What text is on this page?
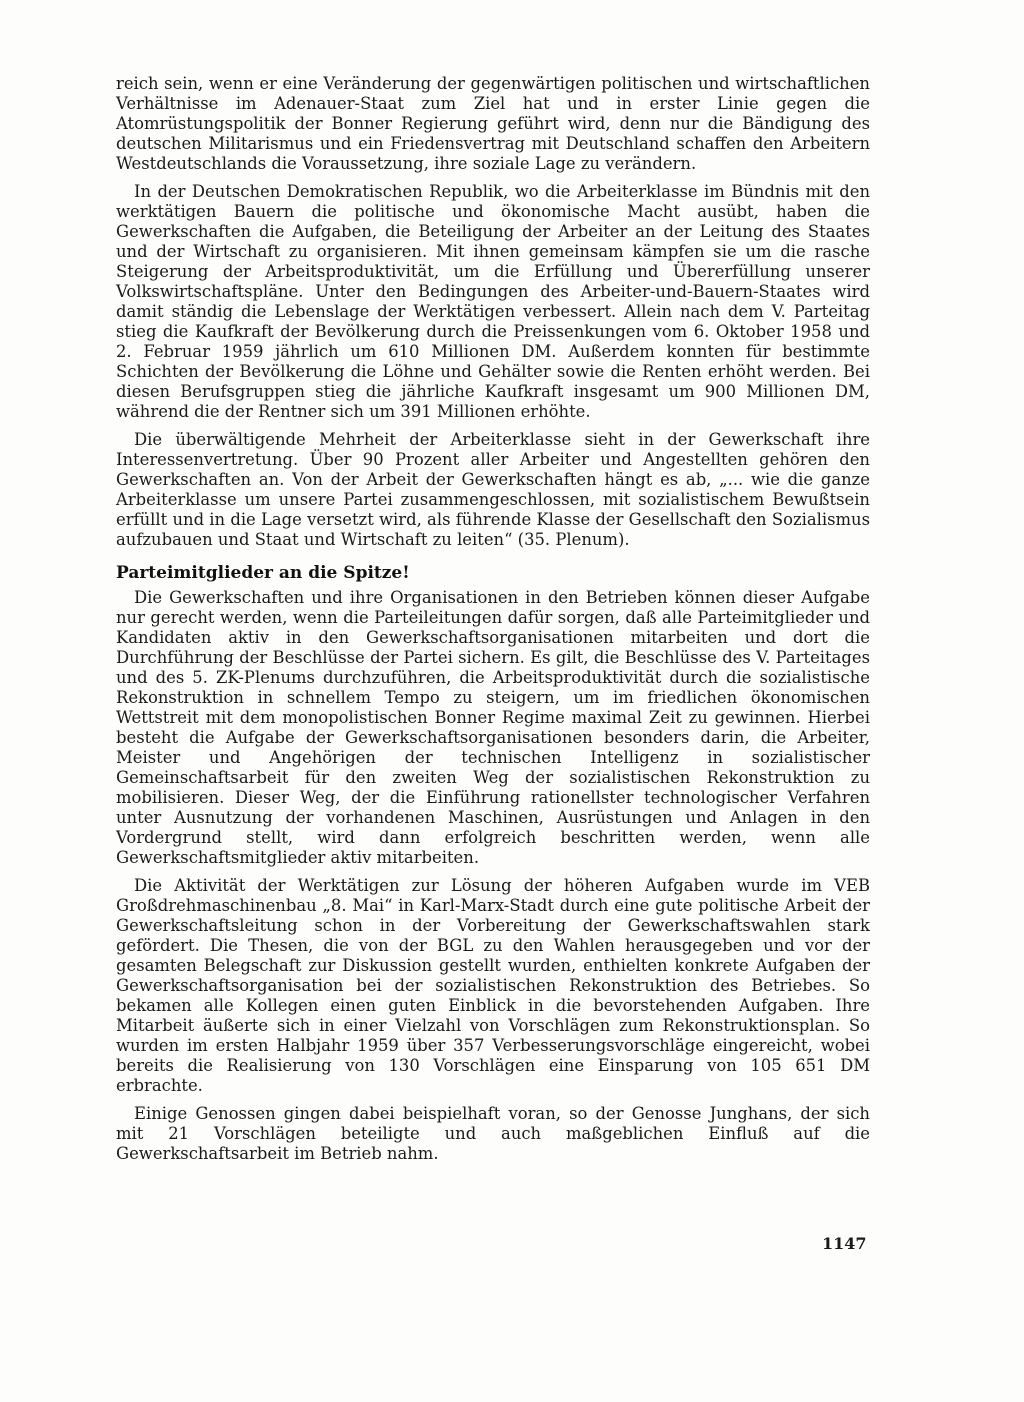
reich sein, wenn er eine Veränderung der gegenwärtigen politischen und wirtschaftlichen Verhältnisse im Adenauer-Staat zum Ziel hat und in erster Linie gegen die Atomrüstungspolitik der Bonner Regierung geführt wird, denn nur die Bändigung des deutschen Militarismus und ein Friedensvertrag mit Deutschland schaffen den Arbeitern Westdeutschlands die Voraussetzung, ihre soziale Lage zu verändern.

In der Deutschen Demokratischen Republik, wo die Arbeiterklasse im Bündnis mit den werktätigen Bauern die politische und ökonomische Macht ausübt, haben die Gewerkschaften die Aufgaben, die Beteiligung der Arbeiter an der Leitung des Staates und der Wirtschaft zu organisieren. Mit ihnen gemeinsam kämpfen sie um die rasche Steigerung der Arbeitsproduktivität, um die Erfüllung und Übererfüllung unserer Volkswirtschaftspläne. Unter den Bedingungen des Arbeiter-und-Bauern-Staates wird damit ständig die Lebenslage der Werktätigen verbessert. Allein nach dem V. Parteitag stieg die Kaufkraft der Bevölkerung durch die Preissenkungen vom 6. Oktober 1958 und 2. Februar 1959 jährlich um 610 Millionen DM. Außerdem konnten für bestimmte Schichten der Bevölkerung die Löhne und Gehälter sowie die Renten erhöht werden. Bei diesen Berufsgruppen stieg die jährliche Kaufkraft insgesamt um 900 Millionen DM, während die der Rentner sich um 391 Millionen erhöhte.

Die überwältigende Mehrheit der Arbeiterklasse sieht in der Gewerkschaft ihre Interessenvertretung. Über 90 Prozent aller Arbeiter und Angestellten gehören den Gewerkschaften an. Von der Arbeit der Gewerkschaften hängt es ab, „... wie die ganze Arbeiterklasse um unsere Partei zusammengeschlossen, mit sozialistischem Bewußtsein erfüllt und in die Lage versetzt wird, als führende Klasse der Gesellschaft den Sozialismus aufzubauen und Staat und Wirtschaft zu leiten“ (35. Plenum).

Parteimitglieder an die Spitze!

Die Gewerkschaften und ihre Organisationen in den Betrieben können dieser Aufgabe nur gerecht werden, wenn die Parteileitungen dafür sorgen, daß alle Parteimitglieder und Kandidaten aktiv in den Gewerkschaftsorganisationen mitarbeiten und dort die Durchführung der Beschlüsse der Partei sichern. Es gilt, die Beschlüsse des V. Parteitages und des 5. ZK-Plenums durchzuführen, die Arbeitsproduktivität durch die sozialistische Rekonstruktion in schnellem Tempo zu steigern, um im friedlichen ökonomischen Wettstreit mit dem monopolistischen Bonner Regime maximal Zeit zu gewinnen. Hierbei besteht die Aufgabe der Gewerkschaftsorganisationen besonders darin, die Arbeiter, Meister und Angehörigen der technischen Intelligenz in sozialistischer Gemeinschaftsarbeit für den zweiten Weg der sozialistischen Rekonstruktion zu mobilisieren. Dieser Weg, der die Einführung rationellster technologischer Verfahren unter Ausnutzung der vorhandenen Maschinen, Ausrüstungen und Anlagen in den Vordergrund stellt, wird dann erfolgreich beschritten werden, wenn alle Gewerkschaftsmitglieder aktiv mitarbeiten.

Die Aktivität der Werktätigen zur Lösung der höheren Aufgaben wurde im VEB Großdrehmaschinenbau „8. Mai“ in Karl-Marx-Stadt durch eine gute politische Arbeit der Gewerkschaftsleitung schon in der Vorbereitung der Gewerkschaftswahlen stark gefördert. Die Thesen, die von der BGL zu den Wahlen herausgegeben und vor der gesamten Belegschaft zur Diskussion gestellt wurden, enthielten konkrete Aufgaben der Gewerkschaftsorganisation bei der sozialistischen Rekonstruktion des Betriebes. So bekamen alle Kollegen einen guten Einblick in die bevorstehenden Aufgaben. Ihre Mitarbeit äußerte sich in einer Vielzahl von Vorschlägen zum Rekonstruktionsplan. So wurden im ersten Halbjahr 1959 über 357 Verbesserungsvorschläge eingereicht, wobei bereits die Realisierung von 130 Vorschlägen eine Einsparung von 105 651 DM erbrachte.

Einige Genossen gingen dabei beispielhaft voran, so der Genosse Junghans, der sich mit 21 Vorschlägen beteiligte und auch maßgeblichen Einfluß auf die Gewerkschaftsarbeit im Betrieb nahm.

1147
